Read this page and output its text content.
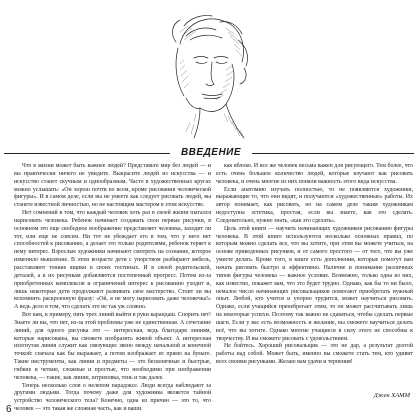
ВВЕДЕНИЕ

Что в жизни может быть важнее людей? Представьте мир без людей — и вы практически ничего не увидите. Выкрасите людей из искусства — и искусство станет скучным и однообразным. Часто в художественных кругах можно услышать: «Он хорош почти во всем, кроме рисования человеческой фигуры». И в самом деле, если вы не умеете как следует рисовать людей, вы станете известной личностью, но не настоящим мастером в этом искусстве.

Нет сомнений в том, что каждый человек хоть раз в своей жизни пытался нарисовать человека. Ребенок начинает создавать свои первые рисунки, в основном это еще свободное воображение представляет человека, заходит ли тот, или еще не совсем. Ни тот не убеждает его в том, что у него нет способностей к рисованию, а делает это только родителями, ребенок теряет к нему интерес. Взрослые художники начинают смотреть на сознание, которое изменило мышление. В этом возрасте дети с упорством разбирают мебель, расставляют тонкие ящики в своих гостиных. И в своей родительской, деталей, а к их рисункам добавляются постепенный прогресс. Потом из-за приобретенных комплексов и ограничений интерес к рисованию уходит и, лишь некоторые дети продолжают развивать свое мастерство. Стоит ли вы вспомнить раскроенную фразу: «Ой, я не могу нарисовать даже человечка!» А ведь дело в том, что сделать это не так уж сложно.

Вот вам, к примеру, пять трех линий выйти в руки карандаш. Спорить нет! Знаете ли вы, что нет, из-за этой проблемы уже не единственная. А сочетание линий, для одного рисунка это — интересная, ведь благодаря линиям, которые нарисованы, вы сможете изобразить живой объект. А интересная изогнутая линия служит как связующее звено между начальной и конечной точкой: сначала как бы выражает, а потом изображает ее прямо на бумаге. Такие инструменты, как линии и предметы — это бесконечные и быстрые, гибкие и четкие, сложные и простые, что необходимо при изображении человека, — такие, как линии, штриховка, тень и так далее.

Теперь несколько слов о нелепом парадоксе. Люди всегда наблюдают за другими людьми. Тогда почему даже для художника является тайной устройство человеческого тела? Конечно, одна из причин — это то, что человек — это такая же сложная часть, как и ваши.

как яблоко. И все же человек весьма важен для рисующего. Тем более, что есть очень большое количество людей, которые изучают как рисовать человека, и очень многие из них поняли важность этого вида искусства.

Если анатомию изучать полностью, то не появляются художники, выражающие то, что они видят, и получаются «художественные» работы. Их автор понимает, как рисовать, но на самом деле таким художникам недоступна эстетика, простая, если вы знаете, как это сделать. Следовательно, нужно знать, «как это сделать».

Цель этой книги — научить начинающих художников рисованию фигуры человека. В этой книге используются несколько основных правил, по которым можно сделать все, что вы хотите, при этом вы можете учиться, на основе приведенных рисунков, и от самого простого — от того, что вы уже умеете делать. Кроме того, в книге есть дополнения, которые помогут вам начать рисовать быстро и эффективно. Наличие и понимание различных типов фигуры человека — важное условие. Возможно, только одна из них, как известно, покажет вам, что это будет трудно. Однако, как бы то ни было, немалое число начинающих рисовальщиков помогают приобретать нужный опыт. Любой, кто учится и упорно трудится, может научиться рисовать. Однако, если учащийся пренебрегает этим, то он может рассчитывать лишь на некоторые успехи. Поэтому так важно не сдаваться, чтобы сделать первые шаги. Если у вас есть возможность и желание, вы сможете научиться делать всё, что вы хотите. Однако многие учащиеся в силу этого не способны к творчеству. И вы сможете рисовать с удовольствием.

Не бойтесь. Хороший рисовальщик — это не дар, а результат долгой работы над собой. Может быть, именно вы сможете стать тем, кто удивит всех своими рисунками. Желаю вам удачи и терпения!

Джек ХАММ
6
